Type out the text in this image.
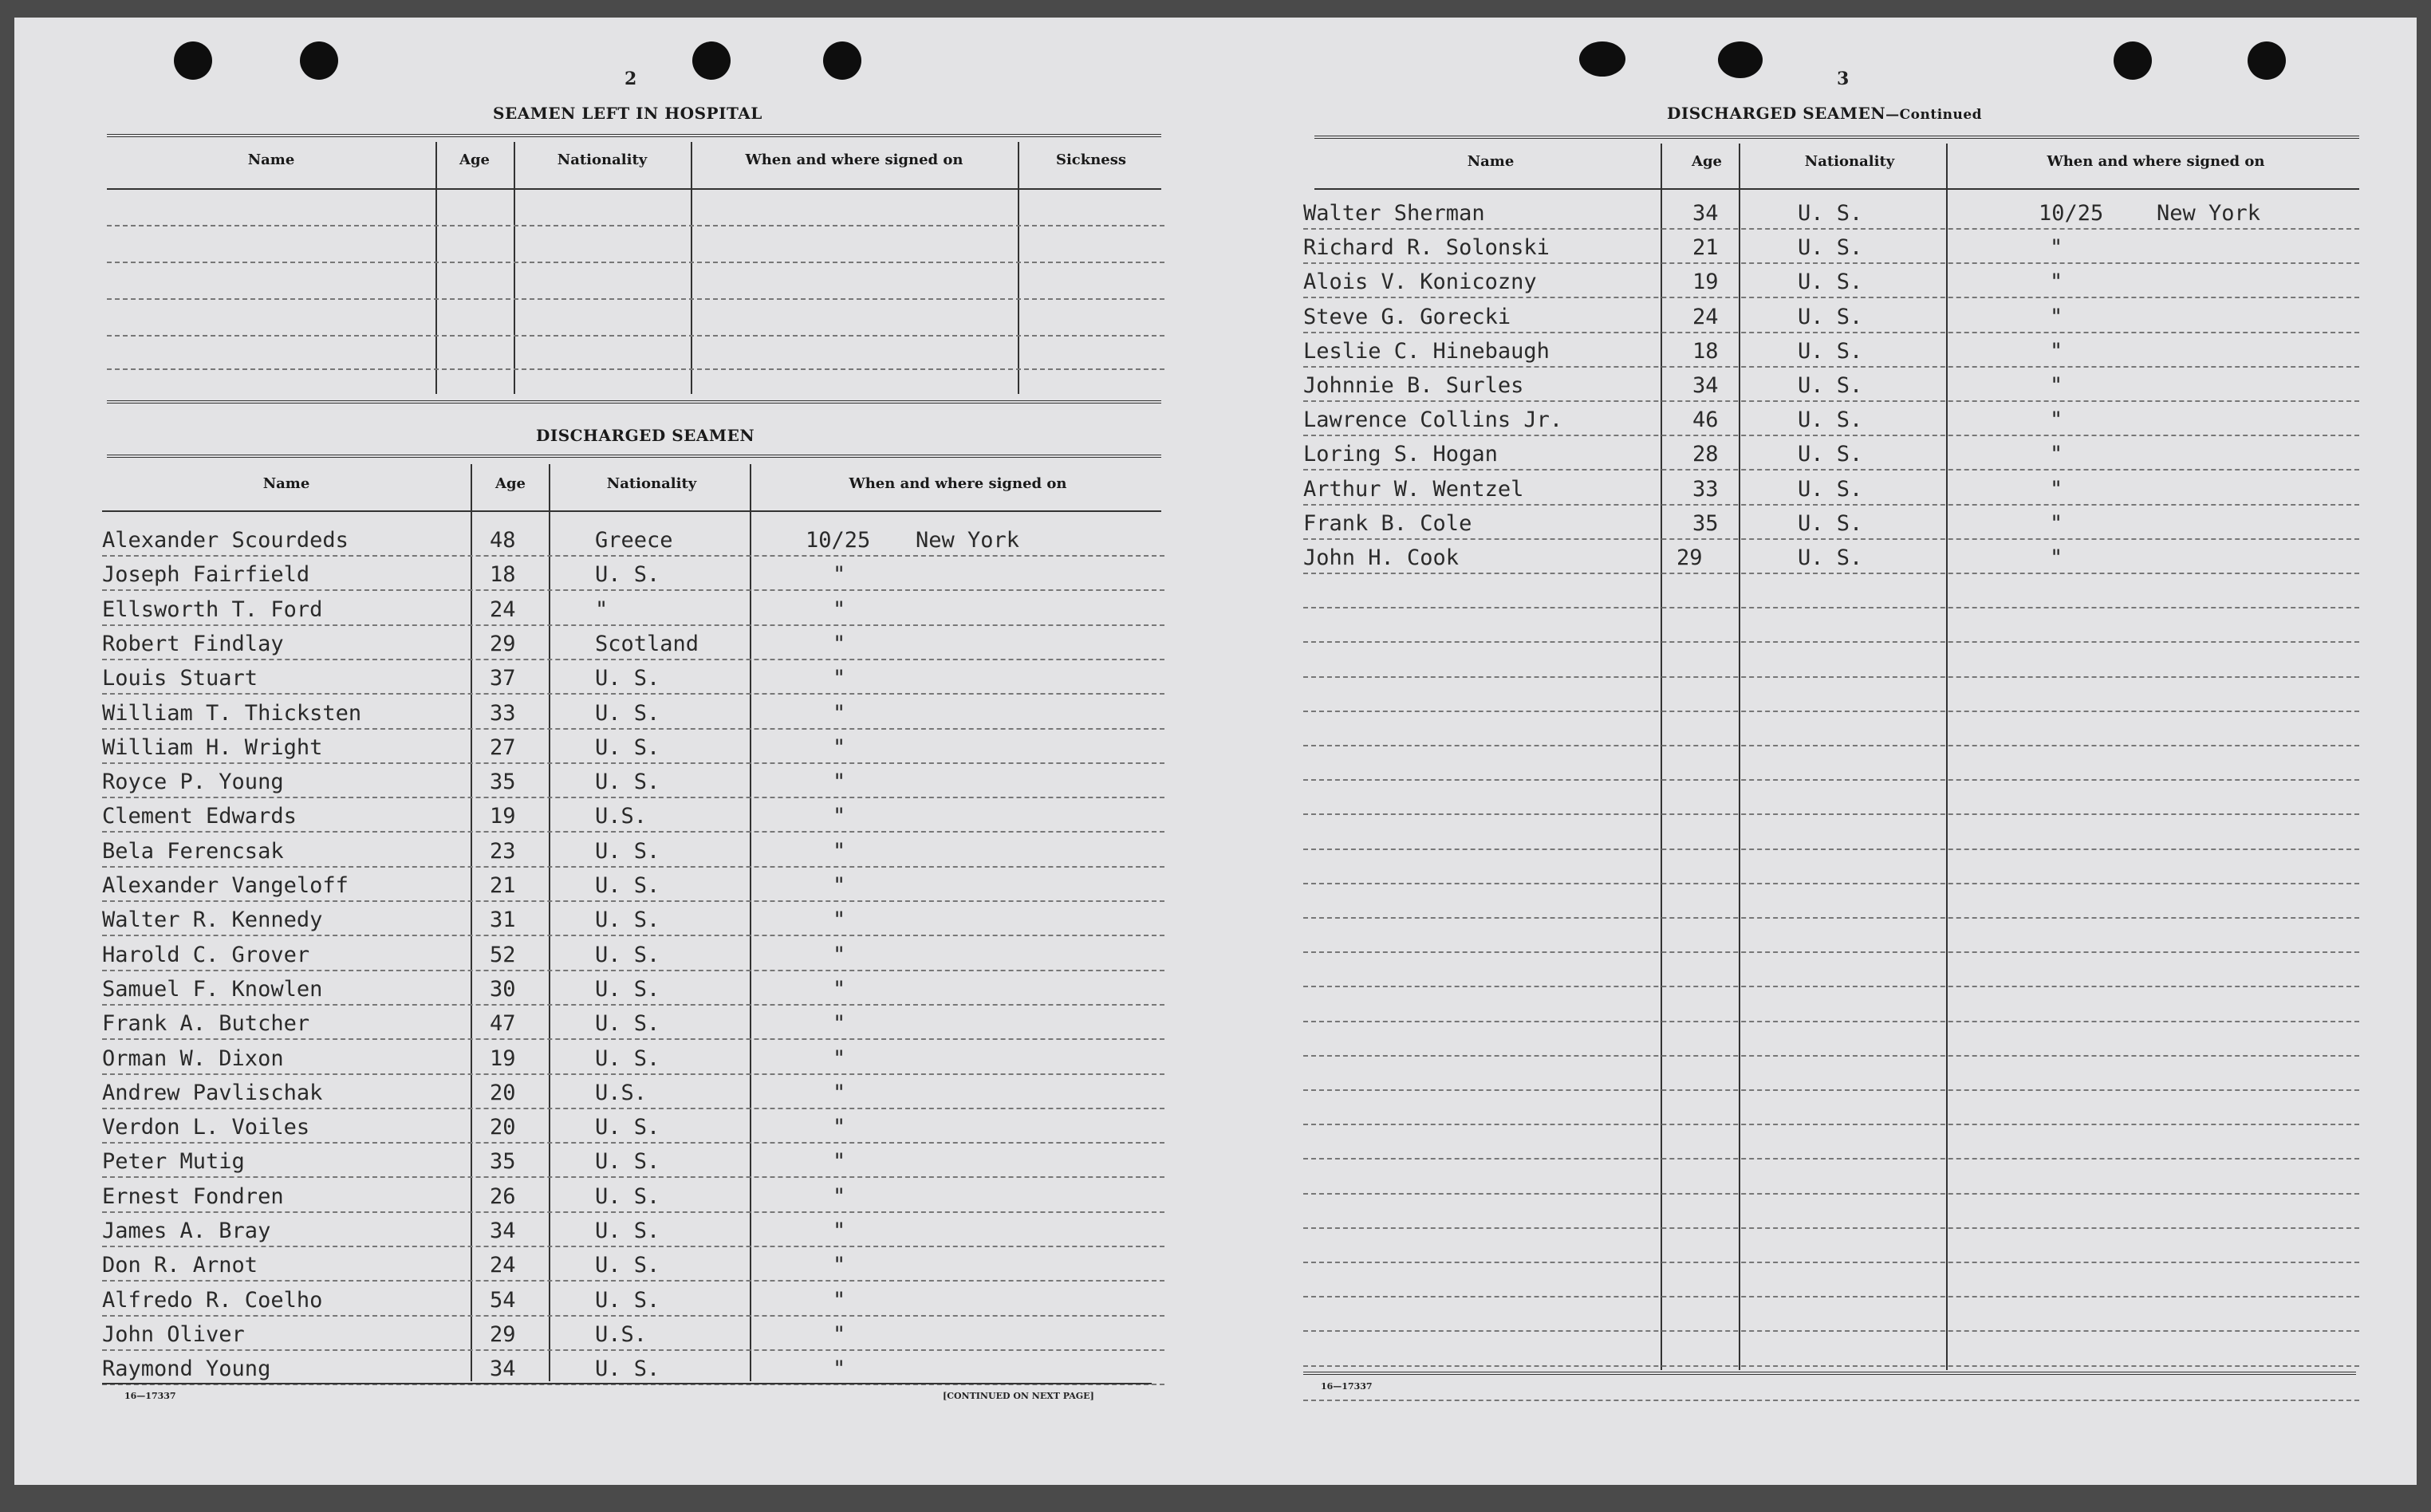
2
SEAMEN LEFT IN HOSPITAL
Name	Age	Nationality	When and where signed on	Sickness
DISCHARGED SEAMEN
Name	Age	Nationality	When and where signed on
Alexander Scourdeds	48	Greece	10/25 New York
Joseph Fairfield	18	U. S.	"
Ellsworth T. Ford	24	"	"
Robert Findlay	29	Scotland	"
Louis Stuart	37	U. S.	"
William T. Thicksten	33	U. S.	"
William H. Wright	27	U. S.	"
Royce P. Young	35	U. S.	"
Clement Edwards	19	U.S.	"
Bela Ferencsak	23	U. S.	"
Alexander Vangeloff	21	U. S.	"
Walter R. Kennedy	31	U. S.	"
Harold C. Grover	52	U. S.	"
Samuel F. Knowlen	30	U. S.	"
Frank A. Butcher	47	U. S.	"
Orman W. Dixon	19	U. S.	"
Andrew Pavlischak	20	U.S.	"
Verdon L. Voiles	20	U. S.	"
Peter Mutig	35	U. S.	"
Ernest Fondren	26	U. S.	"
James A. Bray	34	U. S.	"
Don R. Arnot	24	U. S.	"
Alfredo R. Coelho	54	U. S.	"
John Oliver	29	U.S.	"
Raymond Young	34	U. S.	"
16—17337	[CONTINUED ON NEXT PAGE]
3
DISCHARGED SEAMEN—Continued
Name	Age	Nationality	When and where signed on
Walter Sherman	34	U. S.	10/25 New York
Richard R. Solonski	21	U. S.	"
Alois V. Konicozny	19	U. S.	"
Steve G. Gorecki	24	U. S.	"
Leslie C. Hinebaugh	18	U. S.	"
Johnnie B. Surles	34	U. S.	"
Lawrence Collins Jr.	46	U. S.	"
Loring S. Hogan	28	U. S.	"
Arthur W. Wentzel	33	U. S.	"
Frank B. Cole	35	U. S.	"
John H. Cook	29	U. S.	"
16—17337
